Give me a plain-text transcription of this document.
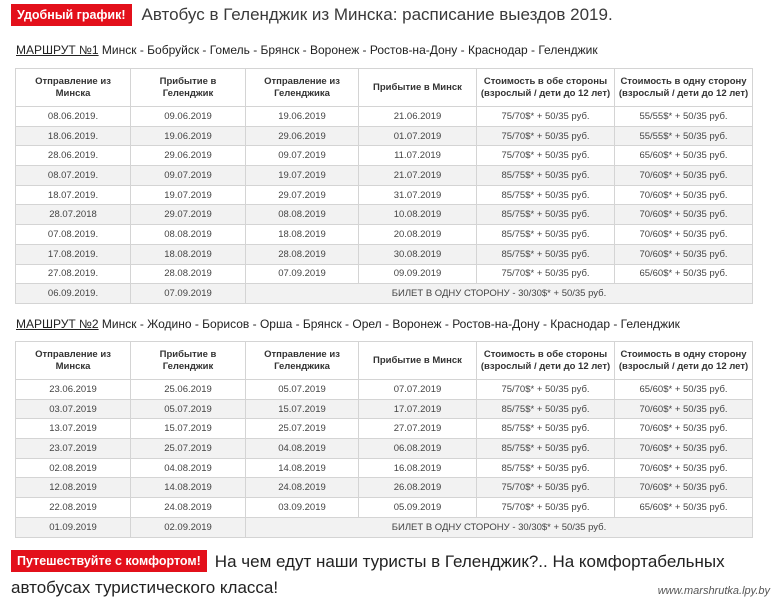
Удобный график! Автобус в Геленджик из Минска: расписание выездов 2019.
МАРШРУТ №1 Минск - Бобруйск - Гомель - Брянск - Воронеж - Ростов-на-Дону - Краснодар - Геленджик
Отправление из Минска	Прибытие в Геленджик	Отправление из Геленджика	Прибытие в Минск	Стоимость в обе стороны (взрослый / дети до 12 лет)	Стоимость в одну сторону (взрослый / дети до 12 лет)
08.06.2019.	09.06.2019	19.06.2019	21.06.2019	75/70$* + 50/35 руб.	55/55$* + 50/35 руб.
18.06.2019.	19.06.2019	29.06.2019	01.07.2019	75/70$* + 50/35 руб.	55/55$* + 50/35 руб.
28.06.2019.	29.06.2019	09.07.2019	11.07.2019	75/70$* + 50/35 руб.	65/60$* + 50/35 руб.
08.07.2019.	09.07.2019	19.07.2019	21.07.2019	85/75$* + 50/35 руб.	70/60$* + 50/35 руб.
18.07.2019.	19.07.2019	29.07.2019	31.07.2019	85/75$* + 50/35 руб.	70/60$* + 50/35 руб.
28.07.2018	29.07.2019	08.08.2019	10.08.2019	85/75$* + 50/35 руб.	70/60$* + 50/35 руб.
07.08.2019.	08.08.2019	18.08.2019	20.08.2019	85/75$* + 50/35 руб.	70/60$* + 50/35 руб.
17.08.2019.	18.08.2019	28.08.2019	30.08.2019	85/75$* + 50/35 руб.	70/60$* + 50/35 руб.
27.08.2019.	28.08.2019	07.09.2019	09.09.2019	75/70$* + 50/35 руб.	65/60$* + 50/35 руб.
06.09.2019.	07.09.2019	БИЛЕТ В ОДНУ СТОРОНУ - 30/30$* + 50/35 руб.			
МАРШРУТ №2 Минск - Жодино - Борисов - Орша - Брянск - Орел - Воронеж - Ростов-на-Дону - Краснодар - Геленджик
Отправление из Минска	Прибытие в Геленджик	Отправление из Геленджика	Прибытие в Минск	Стоимость в обе стороны (взрослый / дети до 12 лет)	Стоимость в одну сторону (взрослый / дети до 12 лет)
23.06.2019	25.06.2019	05.07.2019	07.07.2019	75/70$* + 50/35 руб.	65/60$* + 50/35 руб.
03.07.2019	05.07.2019	15.07.2019	17.07.2019	85/75$* + 50/35 руб.	70/60$* + 50/35 руб.
13.07.2019	15.07.2019	25.07.2019	27.07.2019	85/75$* + 50/35 руб.	70/60$* + 50/35 руб.
23.07.2019	25.07.2019	04.08.2019	06.08.2019	85/75$* + 50/35 руб.	70/60$* + 50/35 руб.
02.08.2019	04.08.2019	14.08.2019	16.08.2019	85/75$* + 50/35 руб.	70/60$* + 50/35 руб.
12.08.2019	14.08.2019	24.08.2019	26.08.2019	75/70$* + 50/35 руб.	70/60$* + 50/35 руб.
22.08.2019	24.08.2019	03.09.2019	05.09.2019	75/70$* + 50/35 руб.	65/60$* + 50/35 руб.
01.09.2019	02.09.2019	БИЛЕТ В ОДНУ СТОРОНУ - 30/30$* + 50/35 руб.			
Путешествуйте с комфортом! На чем едут наши туристы в Геленджик?.. На комфортабельных автобусах туристического класса!	www.marshrutka.lpy.by
